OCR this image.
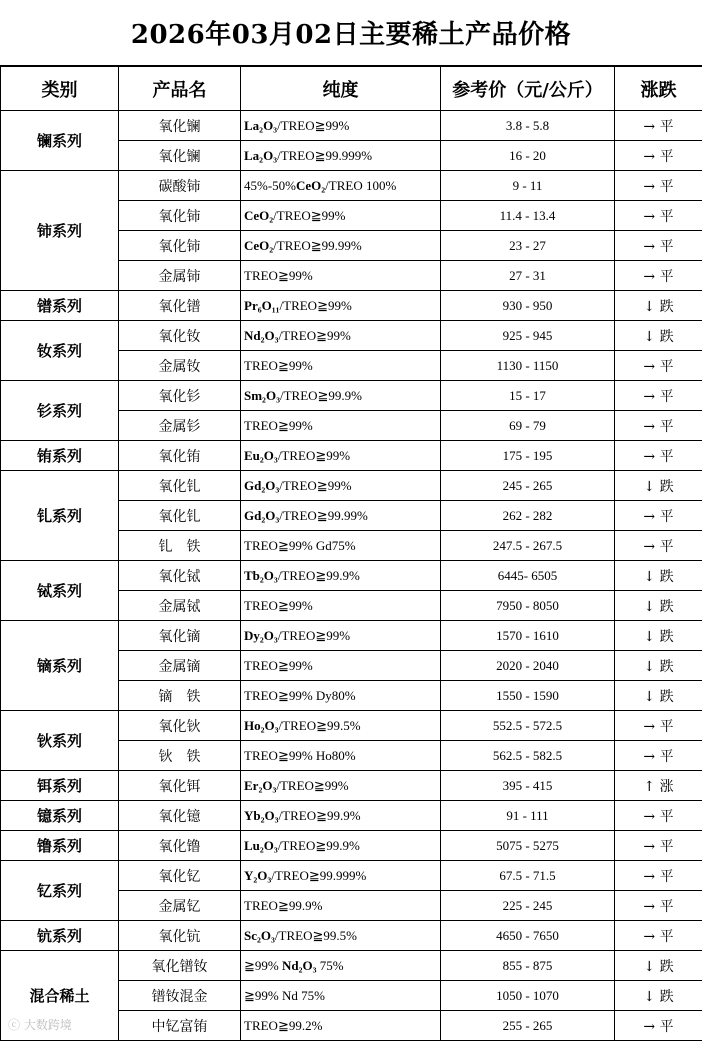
2026年03月02日主要稀土产品价格
类别	产品名	纯度	参考价（元/公斤）	涨跌
镧系列	氧化镧	La₂O₃/TREO≧99%	3.8 - 5.8	→ 平
	氧化镧	La₂O₃/TREO≧99.999%	16 - 20	→ 平
铈系列	碳酸铈	45%-50%CeO₂/TREO 100%	9 - 11	→ 平
	氧化铈	CeO₂/TREO≧99%	11.4 - 13.4	→ 平
	氧化铈	CeO₂/TREO≧99.99%	23 - 27	→ 平
	金属铈	TREO≧99%	27 - 31	→ 平
镨系列	氧化镨	Pr₆O₁₁/TREO≧99%	930 - 950	↓ 跌
钕系列	氧化钕	Nd₂O₃/TREO≧99%	925 - 945	↓ 跌
	金属钕	TREO≧99%	1130 - 1150	→ 平
钐系列	氧化钐	Sm₂O₃/TREO≧99.9%	15 - 17	→ 平
	金属钐	TREO≧99%	69 - 79	→ 平
铕系列	氧化铕	Eu₂O₃/TREO≧99%	175 - 195	→ 平
钆系列	氧化钆	Gd₂O₃/TREO≧99%	245 - 265	↓ 跌
	氧化钆	Gd₂O₃/TREO≧99.99%	262 - 282	→ 平
	钆　铁	TREO≧99% Gd75%	247.5 - 267.5	→ 平
铽系列	氧化铽	Tb₂O₃/TREO≧99.9%	6445- 6505	↓ 跌
	金属铽	TREO≧99%	7950 - 8050	↓ 跌
镝系列	氧化镝	Dy₂O₃/TREO≧99%	1570 - 1610	↓ 跌
	金属镝	TREO≧99%	2020 - 2040	↓ 跌
	镝　铁	TREO≧99% Dy80%	1550 - 1590	↓ 跌
钬系列	氧化钬	Ho₂O₃/TREO≧99.5%	552.5 - 572.5	→ 平
	钬　铁	TREO≧99% Ho80%	562.5 - 582.5	→ 平
铒系列	氧化铒	Er₂O₃/TREO≧99%	395 - 415	↑ 涨
镱系列	氧化镱	Yb₂O₃/TREO≧99.9%	91 - 111	→ 平
镥系列	氧化镥	Lu₂O₃/TREO≧99.9%	5075 - 5275	→ 平
钇系列	氧化钇	Y₂O₃/TREO≧99.999%	67.5 - 71.5	→ 平
	金属钇	TREO≧99.9%	225 - 245	→ 平
钪系列	氧化钪	Sc₂O₃/TREO≧99.5%	4650 - 7650	→ 平
混合稀土	氧化镨钕	≧99% Nd₂O₃ 75%	855 - 875	↓ 跌
	镨钕混金	≧99% Nd 75%	1050 - 1070	↓ 跌
	中钇富铕	TREO≧99.2%	255 - 265	→ 平
ⓒ 大数跨境
